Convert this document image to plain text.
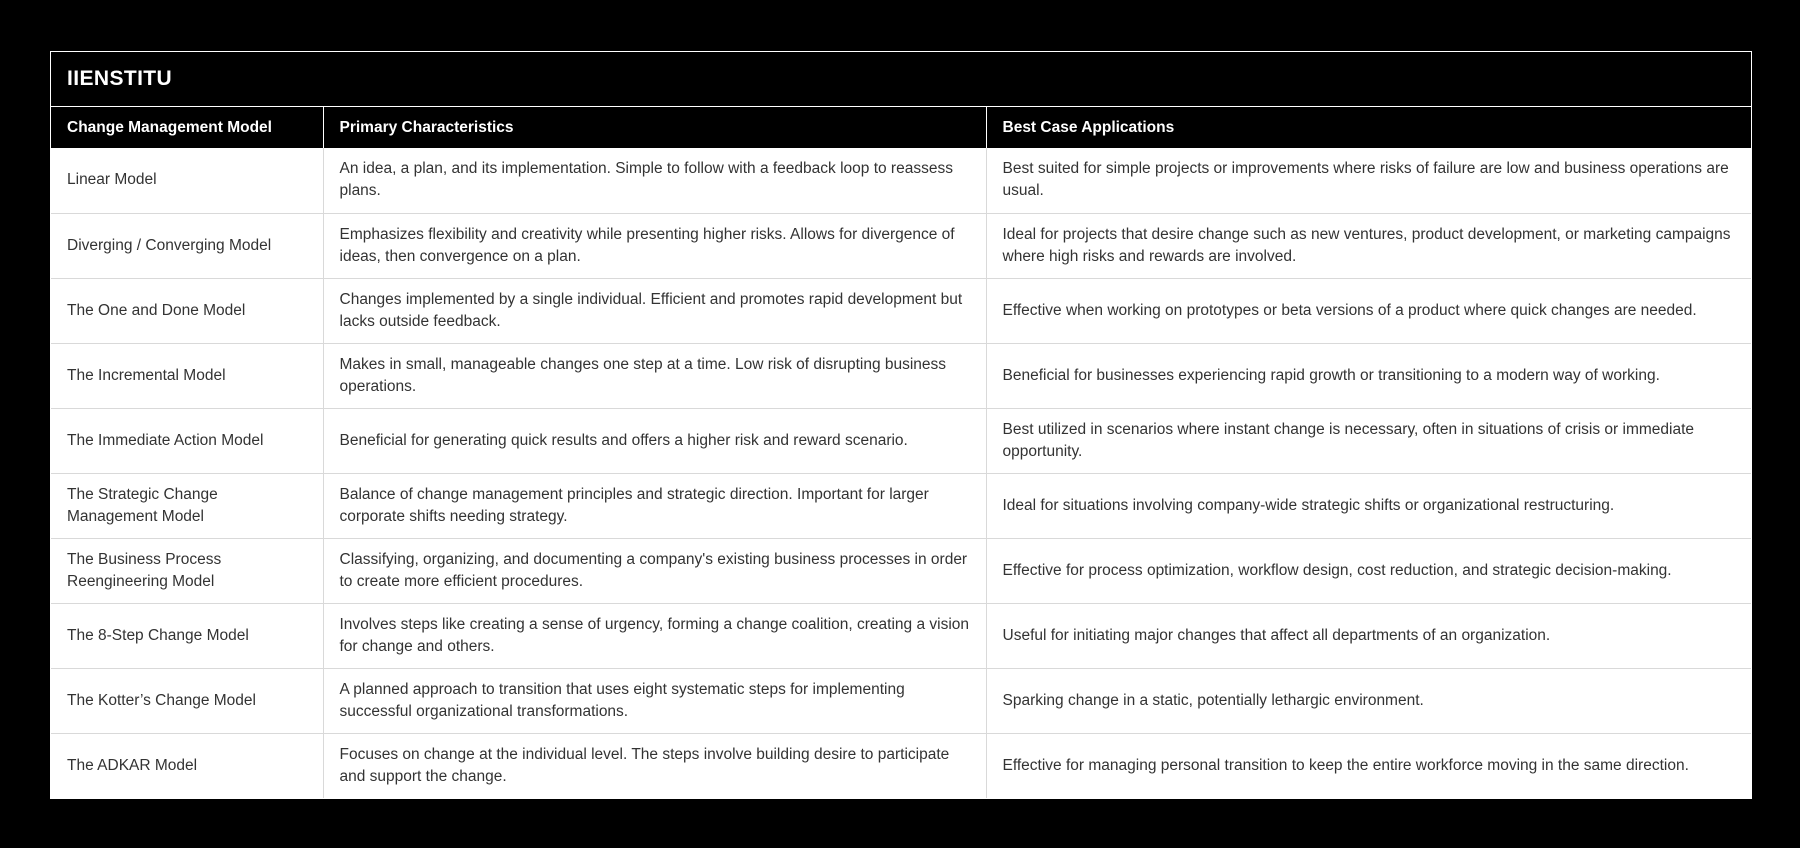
IIENSTITU
Change Management Model	Primary Characteristics	Best Case Applications
Linear Model	An idea, a plan, and its implementation. Simple to follow with a feedback loop to reassess plans.	Best suited for simple projects or improvements where risks of failure are low and business operations are usual.
Diverging / Converging Model	Emphasizes flexibility and creativity while presenting higher risks. Allows for divergence of ideas, then convergence on a plan.	Ideal for projects that desire change such as new ventures, product development, or marketing campaigns where high risks and rewards are involved.
The One and Done Model	Changes implemented by a single individual. Efficient and promotes rapid development but lacks outside feedback.	Effective when working on prototypes or beta versions of a product where quick changes are needed.
The Incremental Model	Makes in small, manageable changes one step at a time. Low risk of disrupting business operations.	Beneficial for businesses experiencing rapid growth or transitioning to a modern way of working.
The Immediate Action Model	Beneficial for generating quick results and offers a higher risk and reward scenario.	Best utilized in scenarios where instant change is necessary, often in situations of crisis or immediate opportunity.
The Strategic Change Management Model	Balance of change management principles and strategic direction. Important for larger corporate shifts needing strategy.	Ideal for situations involving company-wide strategic shifts or organizational restructuring.
The Business Process Reengineering Model	Classifying, organizing, and documenting a company's existing business processes in order to create more efficient procedures.	Effective for process optimization, workflow design, cost reduction, and strategic decision-making.
The 8-Step Change Model	Involves steps like creating a sense of urgency, forming a change coalition, creating a vision for change and others.	Useful for initiating major changes that affect all departments of an organization.
The Kotter’s Change Model	A planned approach to transition that uses eight systematic steps for implementing successful organizational transformations.	Sparking change in a static, potentially lethargic environment.
The ADKAR Model	Focuses on change at the individual level. The steps involve building desire to participate and support the change.	Effective for managing personal transition to keep the entire workforce moving in the same direction.
